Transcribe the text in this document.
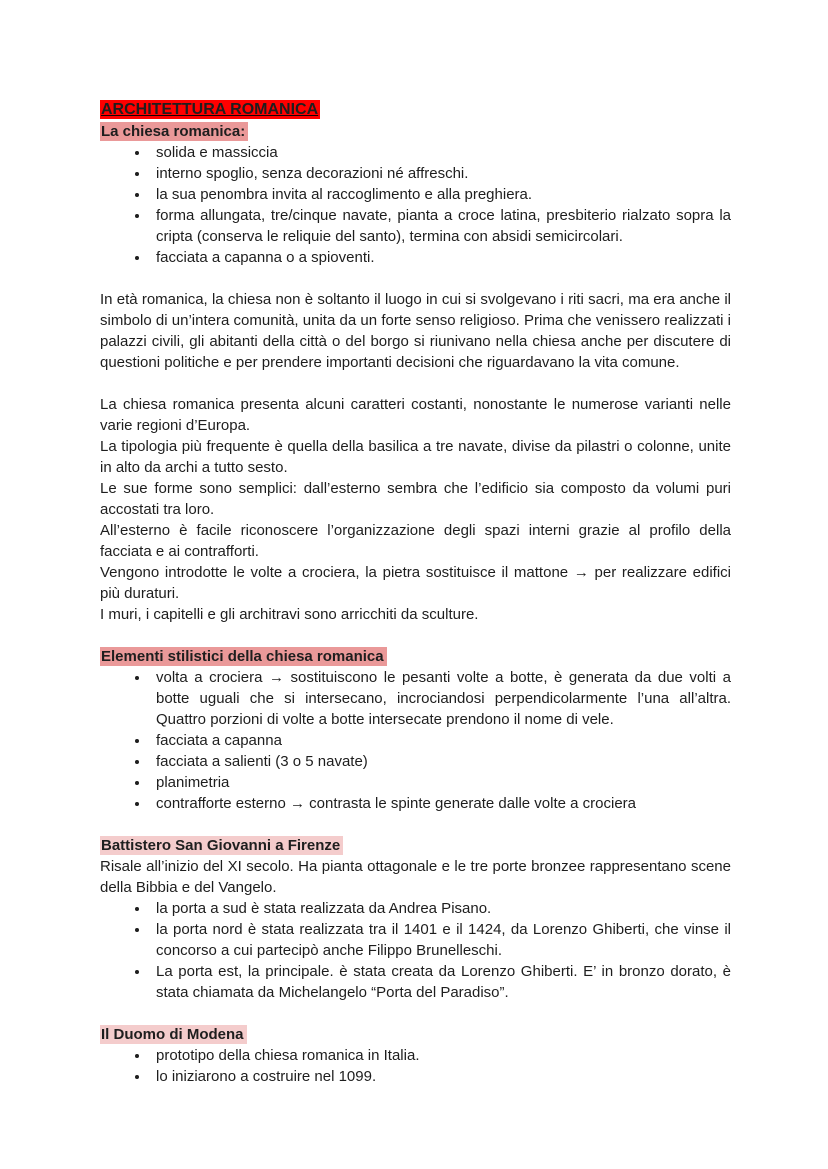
ARCHITETTURA ROMANICA
La chiesa romanica:
• solida e massiccia
• interno spoglio, senza decorazioni né affreschi.
• la sua penombra invita al raccoglimento e alla preghiera.
• forma allungata, tre/cinque navate, pianta a croce latina, presbiterio rialzato sopra la cripta (conserva le reliquie del santo), termina con absidi semicircolari.
• facciata a capanna o a spioventi.

In età romanica, la chiesa non è soltanto il luogo in cui si svolgevano i riti sacri, ma era anche il simbolo di un’intera comunità, unita da un forte senso religioso. Prima che venissero realizzati i palazzi civili, gli abitanti della città o del borgo si riunivano nella chiesa anche per discutere di questioni politiche e per prendere importanti decisioni che riguardavano la vita comune.

La chiesa romanica presenta alcuni caratteri costanti, nonostante le numerose varianti nelle varie regioni d’Europa.

La tipologia più frequente è quella della basilica a tre navate, divise da pilastri o colonne, unite in alto da archi a tutto sesto.

Le sue forme sono semplici: dall’esterno sembra che l’edificio sia composto da volumi puri accostati tra loro.

All’esterno è facile riconoscere l’organizzazione degli spazi interni grazie al profilo della facciata e ai contrafforti.

Vengono introdotte le volte a crociera, la pietra sostituisce il mattone → per realizzare edifici più duraturi.

I muri, i capitelli e gli architravi sono arricchiti da sculture.

Elementi stilistici della chiesa romanica
• volta a crociera → sostituiscono le pesanti volte a botte, è generata da due volti a botte uguali che si intersecano, incrociandosi perpendicolarmente l’una all’altra. Quattro porzioni di volte a botte intersecate prendono il nome di vele.
• facciata a capanna
• facciata a salienti (3 o 5 navate)
• planimetria
• contrafforte esterno → contrasta le spinte generate dalle volte a crociera
Battistero San Giovanni a Firenze

Risale all’inizio del XI secolo. Ha pianta ottagonale e le tre porte bronzee rappresentano scene della Bibbia e del Vangelo.

• la porta a sud è stata realizzata da Andrea Pisano.
• la porta nord è stata realizzata tra il 1401 e il 1424, da Lorenzo Ghiberti, che vinse il concorso a cui partecipò anche Filippo Brunelleschi.
• La porta est, la principale. è stata creata da Lorenzo Ghiberti. E’ in bronzo dorato, è stata chiamata da Michelangelo “Porta del Paradiso”.
Il Duomo di Modena
• prototipo della chiesa romanica in Italia.
• lo iniziarono a costruire nel 1099.
